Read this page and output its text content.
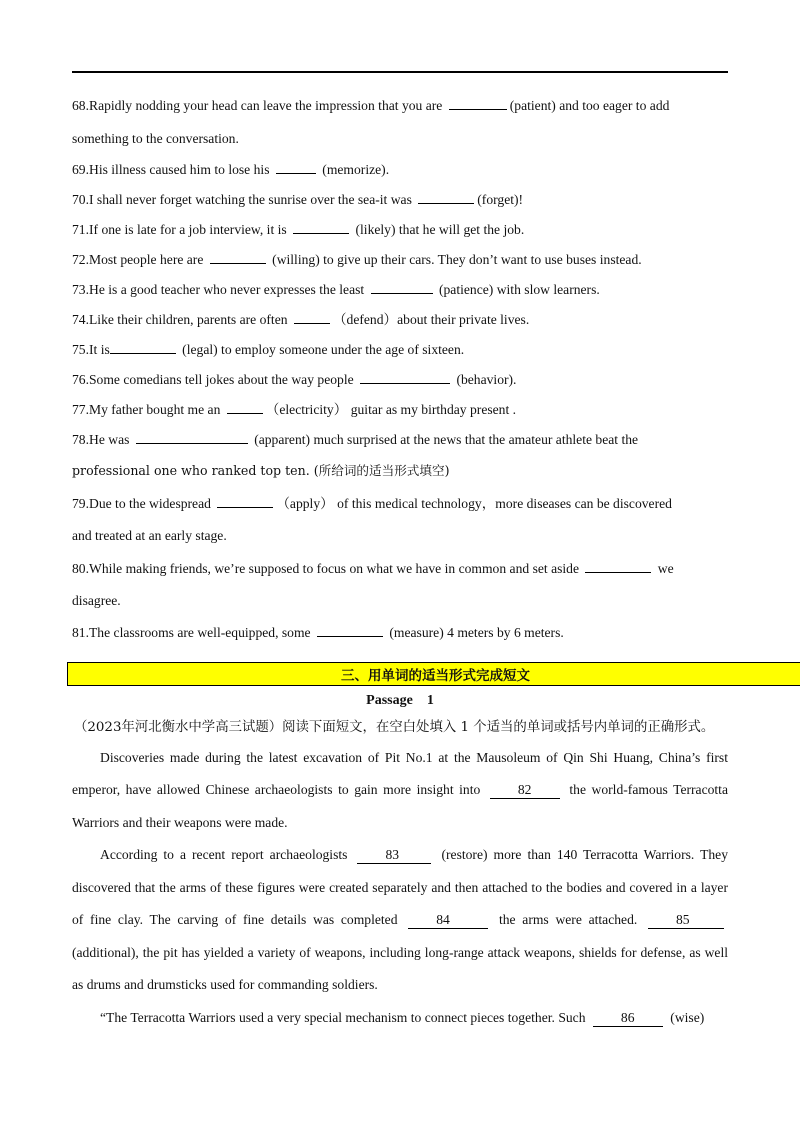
68.Rapidly nodding your head can leave the impression that you are	(patient) and too eager to add

something to the conversation.

69.His illness caused him to lose his	(memorize).

70.I shall never forget watching the sunrise over the sea-it was	(forget)!

71.If one is late for a job interview, it is	(likely) that he will get the job.

72.Most people here are	(willing) to give up their cars. They don’t want to use buses instead.

73.He is a good teacher who never expresses the least	(patience) with slow learners.

74.Like their children, parents are often	（defend）about their private lives.

75.It is	(legal) to employ someone under the age of sixteen.

76.Some comedians tell jokes about the way people	(behavior).

77.My father bought me an	（electricity） guitar as my birthday present .

78.He was	(apparent) much surprised at the news that the amateur athlete beat the

professional one who ranked top ten. (所给词的适当形式填空)

79.Due to the widespread	（apply） of this medical technology，more diseases can be discovered

and treated at an early stage.

80.While making friends, we’re supposed to focus on what we have in common and set aside	we

disagree.

81.The classrooms are well-equipped, some	(measure) 4 meters by 6 meters.

三、用单词的适当形式完成短文

Passage　1

（2023年河北衡水中学高三试题）阅读下面短文，在空白处填入 1 个适当的单词或括号内单词的正确形式。

Discoveries made during the latest excavation of Pit No.1 at the Mausoleum of Qin Shi Huang, China’s first emperor, have allowed Chinese archaeologists to gain more insight into 82 the world-famous Terracotta Warriors and their weapons were made.

According to a recent report archaeologists 83	(restore) more than 140 Terracotta Warriors. They discovered that the arms of these figures were created separately and then attached to the bodies and covered in a layer of fine clay. The carving of fine details was completed 84	the arms were attached. 85 (additional), the pit has yielded a variety of weapons, including long-range attack weapons, shields for defense, as well as drums and drumsticks used for commanding soldiers.

“The Terracotta Warriors used a very special mechanism to connect pieces together. Such 86 (wise)
